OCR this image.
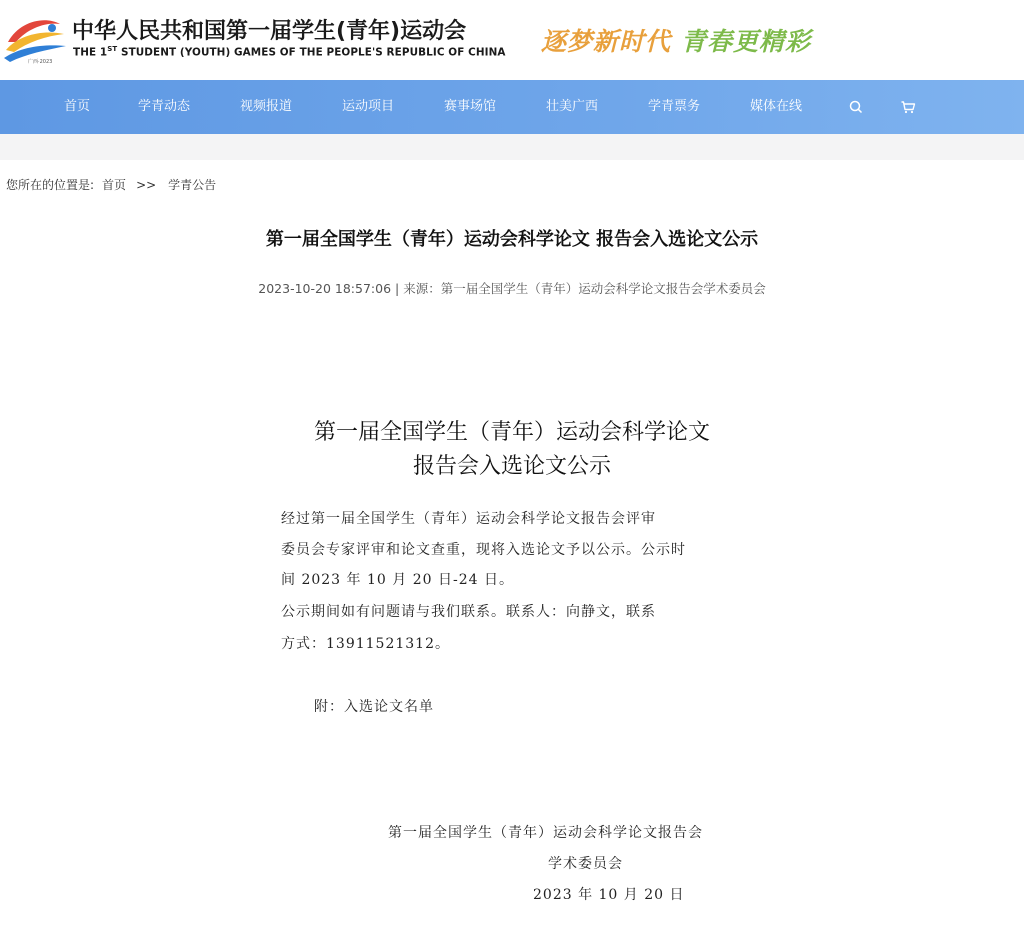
广西·2023
中华人民共和国第一届学生(青年)运动会
THE 1ST STUDENT (YOUTH) GAMES OF THE PEOPLE'S REPUBLIC OF CHINA 逐梦新时代 青春更精彩
首页	学青动态	视频报道	运动项目	赛事场馆	壮美广西	学青票务	媒体在线
您所在的位置是: 首页 >> 学青公告
第一届全国学生（青年）运动会科学论文 报告会入选论文公示
2023-10-20 18:57:06 | 来源：第一届全国学生（青年）运动会科学论文报告会学术委员会
第一届全国学生（青年）运动会科学论文
报告会入选论文公示
经过第一届全国学生（青年）运动会科学论文报告会评审
委员会专家评审和论文查重，现将入选论文予以公示。公示时
间 2023 年 10 月 20 日-24 日。
公示期间如有问题请与我们联系。联系人：向静文，联系
方式：13911521312。
附：入选论文名单
第一届全国学生（青年）运动会科学论文报告会
学术委员会
2023 年 10 月 20 日
